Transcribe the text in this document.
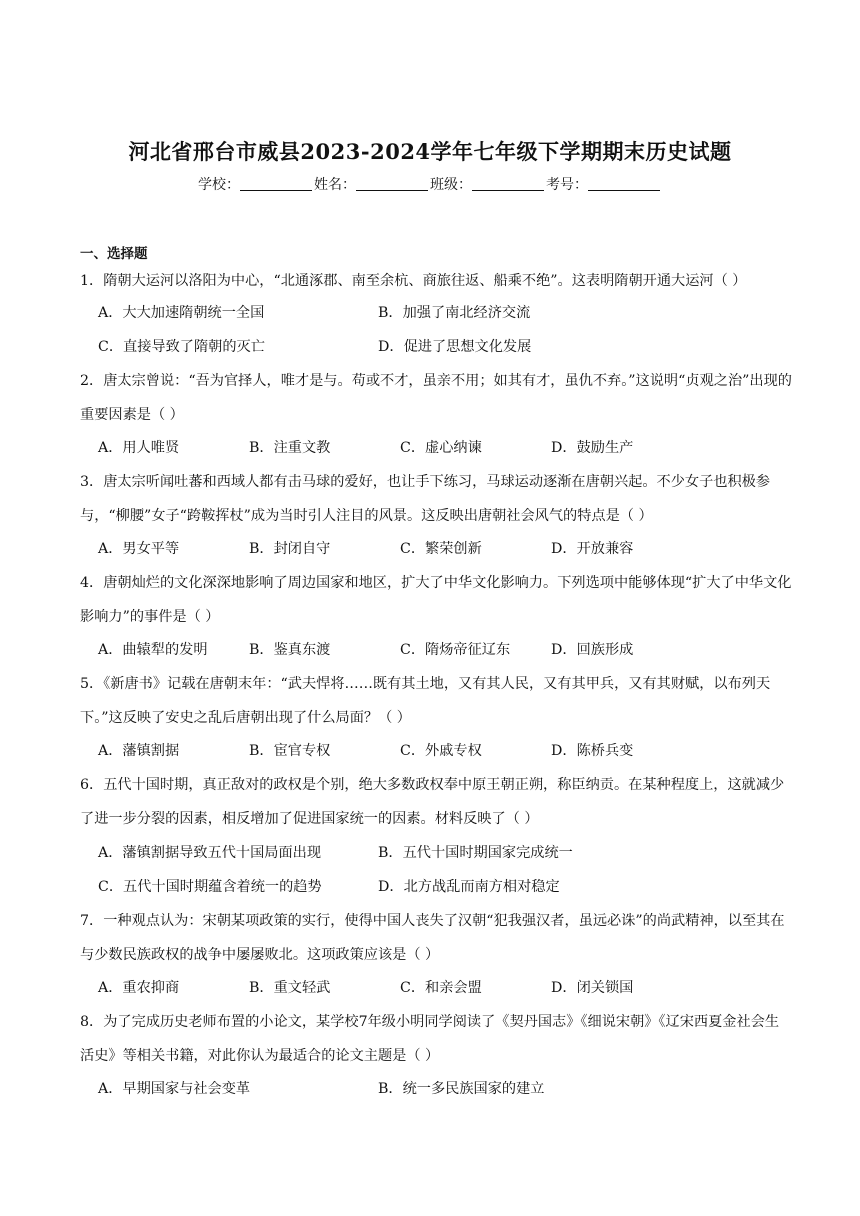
河北省邢台市威县2023-2024学年七年级下学期期末历史试题
学校：	姓名：	班级：	考号：
一、选择题
1．隋朝大运河以洛阳为中心，“北通涿郡、南至余杭、商旅往返、船乘不绝”。这表明隋朝开通大运河（ ）
A．大大加速隋朝统一全国	B．加强了南北经济交流
C．直接导致了隋朝的灭亡	D．促进了思想文化发展
2．唐太宗曾说：“吾为官择人，唯才是与。苟或不才，虽亲不用；如其有才，虽仇不弃。”这说明“贞观之治”出现的重要因素是（ ）
A．用人唯贤	B．注重文教	C．虚心纳谏	D．鼓励生产
3．唐太宗听闻吐蕃和西域人都有击马球的爱好，也让手下练习，马球运动逐渐在唐朝兴起。不少女子也积极参与，“柳腰”女子“跨鞍挥杖”成为当时引人注目的风景。这反映出唐朝社会风气的特点是（ ）
A．男女平等	B．封闭自守	C．繁荣创新	D．开放兼容
4．唐朝灿烂的文化深深地影响了周边国家和地区，扩大了中华文化影响力。下列选项中能够体现“扩大了中华文化影响力”的事件是（ ）
A．曲辕犁的发明	B．鉴真东渡	C．隋炀帝征辽东	D．回族形成
5．《新唐书》记载在唐朝末年：“武夫悍将……既有其土地，又有其人民，又有其甲兵，又有其财赋，以布列天下。”这反映了安史之乱后唐朝出现了什么局面？（ ）
A．藩镇割据	B．宦官专权	C．外戚专权	D．陈桥兵变
6．五代十国时期，真正敌对的政权是个别，绝大多数政权奉中原王朝正朔，称臣纳贡。在某种程度上，这就减少了进一步分裂的因素，相反增加了促进国家统一的因素。材料反映了（ ）
A．藩镇割据导致五代十国局面出现	B．五代十国时期国家完成统一
C．五代十国时期蕴含着统一的趋势	D．北方战乱而南方相对稳定
7．一种观点认为：宋朝某项政策的实行，使得中国人丧失了汉朝“犯我强汉者，虽远必诛”的尚武精神，以至其在与少数民族政权的战争中屡屡败北。这项政策应该是（ ）
A．重农抑商	B．重文轻武	C．和亲会盟	D．闭关锁国
8．为了完成历史老师布置的小论文，某学校7年级小明同学阅读了《契丹国志》《细说宋朝》《辽宋西夏金社会生活史》等相关书籍，对此你认为最适合的论文主题是（ ）
A．早期国家与社会变革	B．统一多民族国家的建立
